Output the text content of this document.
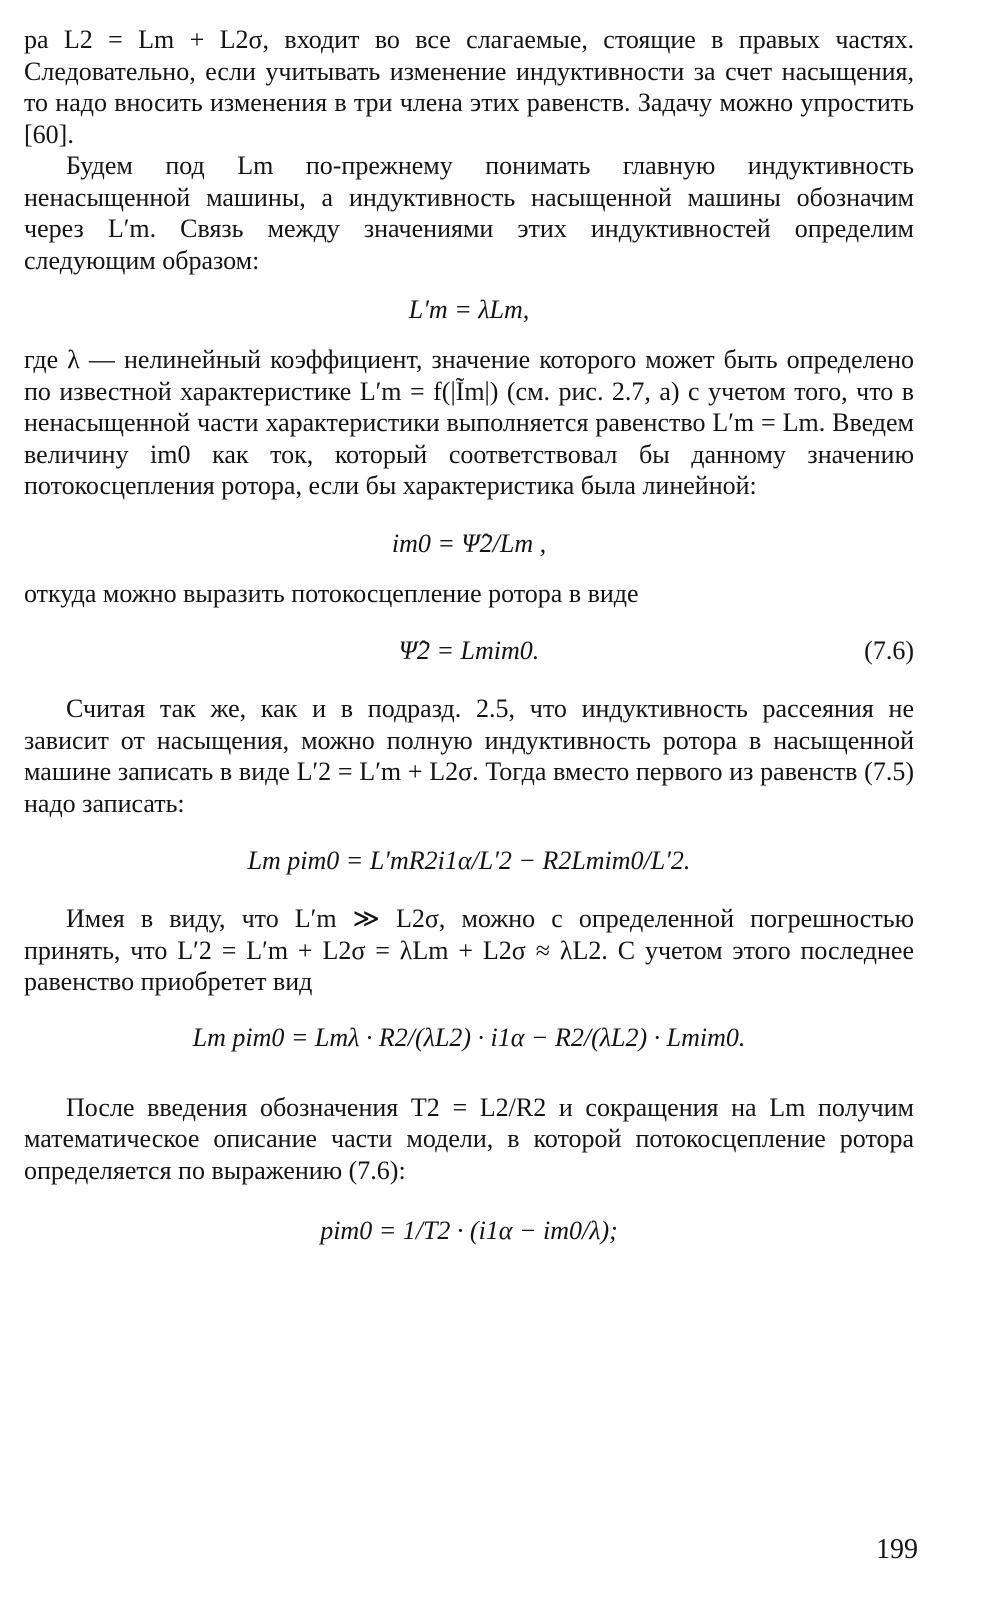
ра L2 = Lm + L2σ, входит во все слагаемые, стоящие в правых частях. Следовательно, если учитывать изменение индуктивности за счет насыщения, то надо вносить изменения в три члена этих равенств. Задачу можно упростить [60].

Будем под Lm по-прежнему понимать главную индуктивность ненасыщенной машины, а индуктивность насыщенной машины обозначим через L′m. Связь между значениями этих индуктивностей определим следующим образом:

L′m = λLm,

где λ — нелинейный коэффициент, значение которого может быть определено по известной характеристике L′m = f(|Ĩm|) (см. рис. 2.7, а) с учетом того, что в ненасыщенной части характеристики выполняется равенство L′m = Lm. Введем величину im0 как ток, который соответствовал бы данному значению потокосцепления ротора, если бы характеристика была линейной:

im0 = Ψ̂2/Lm ,

откуда можно выразить потокосцепление ротора в виде

Ψ̂2 = Lmim0.	(7.6)

Считая так же, как и в подразд. 2.5, что индуктивность рассеяния не зависит от насыщения, можно полную индуктивность ротора в насыщенной машине записать в виде L′2 = L′m + L2σ. Тогда вместо первого из равенств (7.5) надо записать:

Lm pim0 = L′mR2i1α/L′2 − R2Lmim0/L′2.

Имея в виду, что L′m ≫ L2σ, можно с определенной погрешностью принять, что L′2 = L′m + L2σ = λLm + L2σ ≈ λL2. С учетом этого последнее равенство приобретет вид

Lm pim0 = Lmλ · R2/(λL2) · i1α − R2/(λL2) · Lmim0.

После введения обозначения T2 = L2/R2 и сокращения на Lm получим математическое описание части модели, в которой потокосцепление ротора определяется по выражению (7.6):

pim0 = 1/T2 · (i1α − im0/λ);
199
